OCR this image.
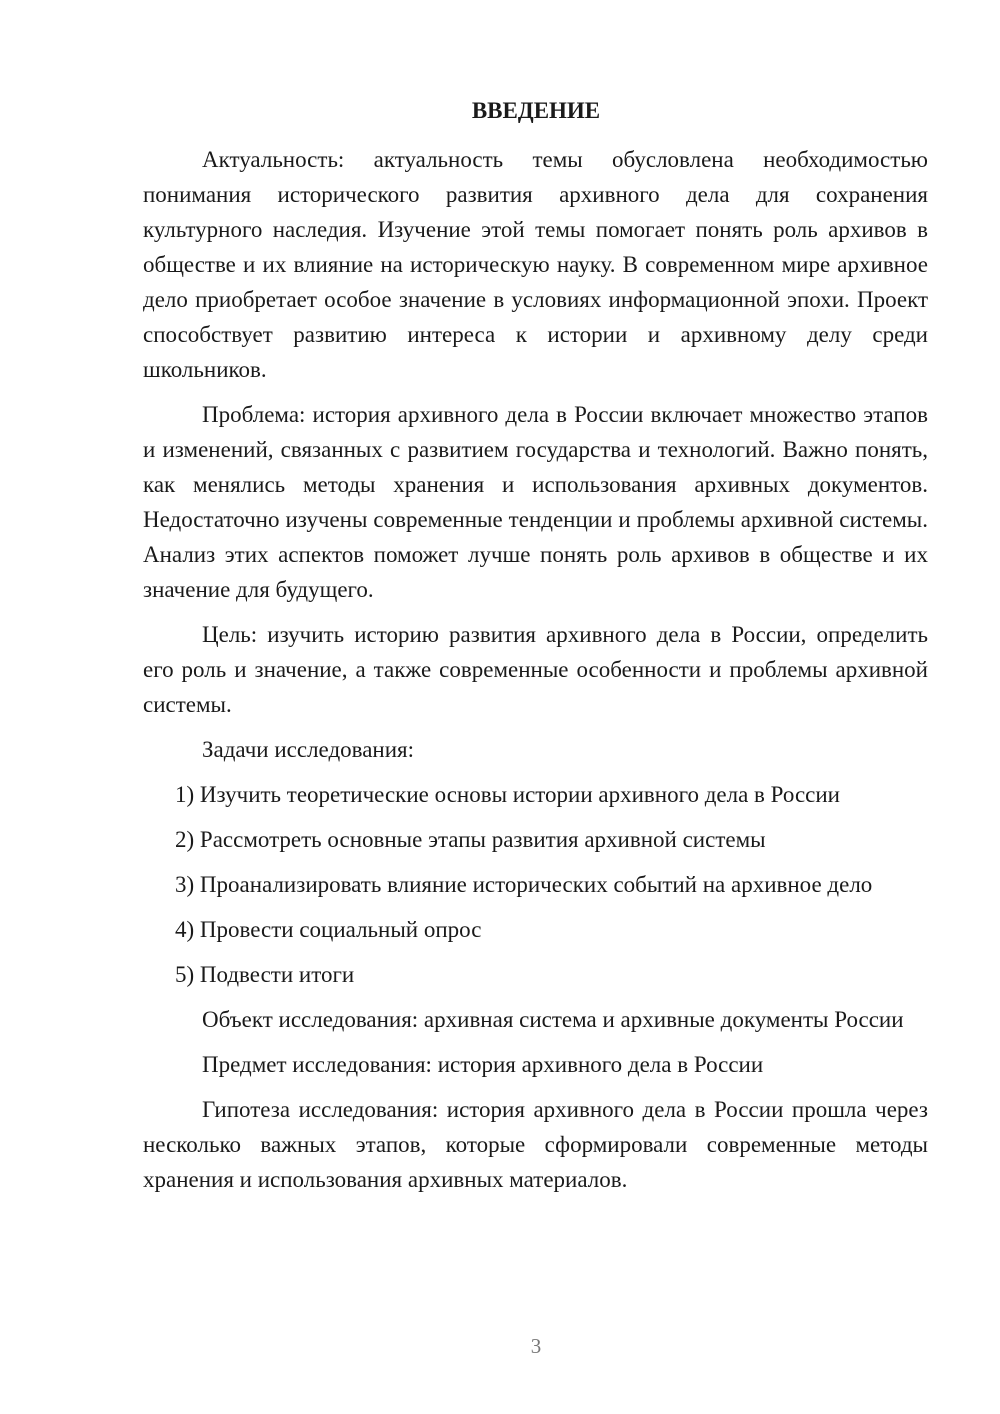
ВВЕДЕНИЕ

Актуальность: актуальность темы обусловлена необходимостью понимания исторического развития архивного дела для сохранения культурного наследия. Изучение этой темы помогает понять роль архивов в обществе и их влияние на историческую науку. В современном мире архивное дело приобретает особое значение в условиях информационной эпохи. Проект способствует развитию интереса к истории и архивному делу среди школьников.

Проблема: история архивного дела в России включает множество этапов и изменений, связанных с развитием государства и технологий. Важно понять, как менялись методы хранения и использования архивных документов. Недостаточно изучены современные тенденции и проблемы архивной системы. Анализ этих аспектов поможет лучше понять роль архивов в обществе и их значение для будущего.

Цель: изучить историю развития архивного дела в России, определить его роль и значение, а также современные особенности и проблемы архивной системы.

Задачи исследования:

1) Изучить теоретические основы истории архивного дела в России

2) Рассмотреть основные этапы развития архивной системы

3) Проанализировать влияние исторических событий на архивное дело

4) Провести социальный опрос

5) Подвести итоги

Объект исследования: архивная система и архивные документы России

Предмет исследования: история архивного дела в России

Гипотеза исследования: история архивного дела в России прошла через несколько важных этапов, которые сформировали современные методы хранения и использования архивных материалов.

3
